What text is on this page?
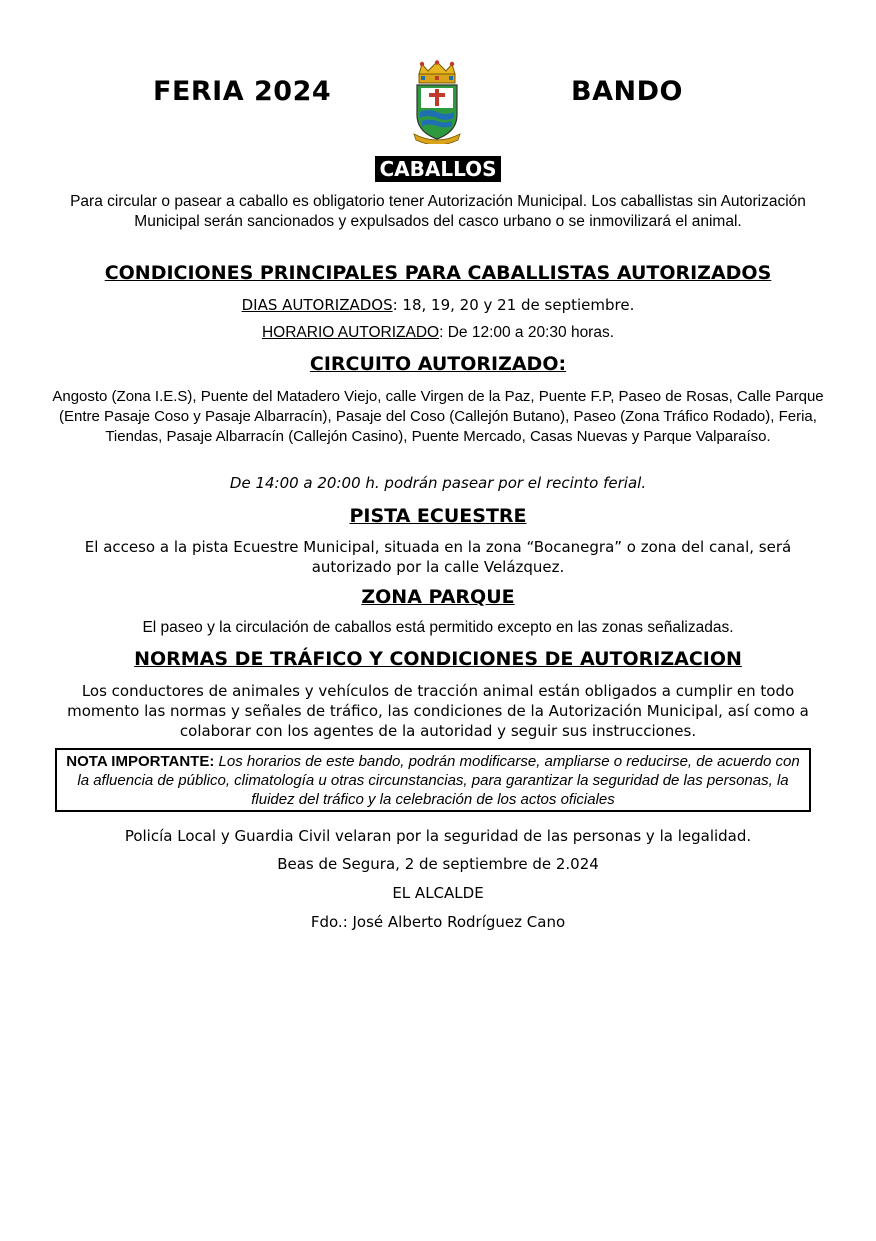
FERIA 2024	BANDO
CABALLOS
Para circular o pasear a caballo es obligatorio tener Autorización Municipal. Los caballistas sin Autorización Municipal serán sancionados y expulsados del casco urbano o se inmovilizará el animal.
CONDICIONES PRINCIPALES PARA CABALLISTAS AUTORIZADOS
DIAS AUTORIZADOS: 18, 19, 20 y 21 de septiembre.
HORARIO AUTORIZADO: De 12:00 a 20:30 horas.
CIRCUITO AUTORIZADO:
Angosto (Zona I.E.S), Puente del Matadero Viejo, calle Virgen de la Paz, Puente F.P, Paseo de Rosas, Calle Parque (Entre Pasaje Coso y Pasaje Albarracín), Pasaje del Coso (Callejón Butano), Paseo (Zona Tráfico Rodado), Feria, Tiendas, Pasaje Albarracín (Callejón Casino), Puente Mercado, Casas Nuevas y Parque Valparaíso.
De 14:00 a 20:00 h. podrán pasear por el recinto ferial.
PISTA ECUESTRE
El acceso a la pista Ecuestre Municipal, situada en la zona “Bocanegra” o zona del canal, será autorizado por la calle Velázquez.
ZONA PARQUE
El paseo y la circulación de caballos está permitido excepto en las zonas señalizadas.
NORMAS DE TRÁFICO Y CONDICIONES DE AUTORIZACION
Los conductores de animales y vehículos de tracción animal están obligados a cumplir en todo momento las normas y señales de tráfico, las condiciones de la Autorización Municipal, así como a colaborar con los agentes de la autoridad y seguir sus instrucciones.
NOTA IMPORTANTE: Los horarios de este bando, podrán modificarse, ampliarse o reducirse, de acuerdo con la afluencia de público, climatología u otras circunstancias, para garantizar la seguridad de las personas, la fluidez del tráfico y la celebración de los actos oficiales
Policía Local y Guardia Civil velaran por la seguridad de las personas y la legalidad.
Beas de Segura, 2 de septiembre de 2.024
EL ALCALDE
Fdo.: José Alberto Rodríguez Cano
